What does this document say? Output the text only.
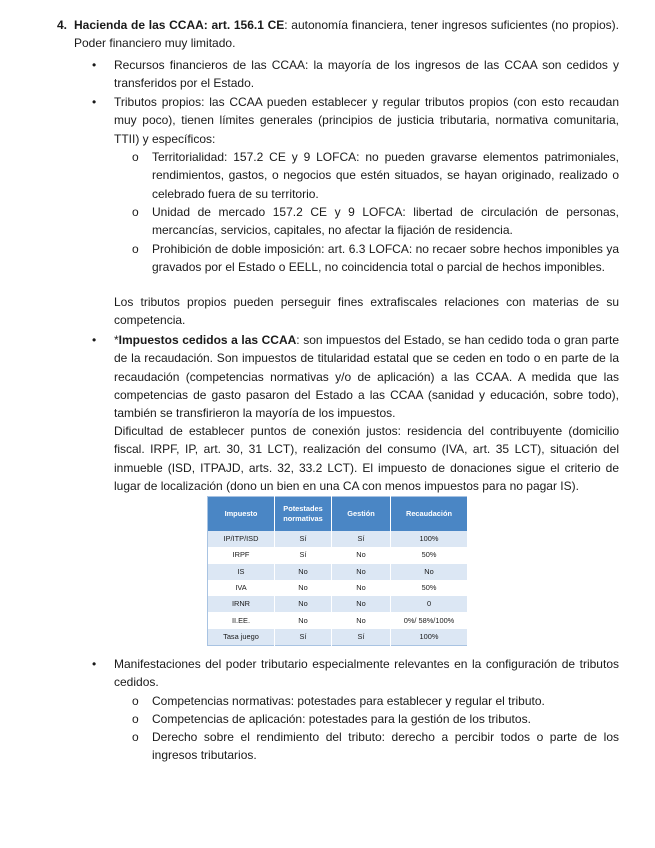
4. Hacienda de las CCAA: art. 156.1 CE: autonomía financiera, tener ingresos suficientes (no propios). Poder financiero muy limitado.

• Recursos financieros de las CCAA: la mayoría de los ingresos de las CCAA son cedidos y transferidos por el Estado.

• Tributos propios: las CCAA pueden establecer y regular tributos propios (con esto recaudan muy poco), tienen límites generales (principios de justicia tributaria, normativa comunitaria, TTII) y específicos:

o Territorialidad: 157.2 CE y 9 LOFCA: no pueden gravarse elementos patrimoniales, rendimientos, gastos, o negocios que estén situados, se hayan originado, realizado o celebrado fuera de su territorio.

o Unidad de mercado 157.2 CE y 9 LOFCA: libertad de circulación de personas, mercancías, servicios, capitales, no afectar la fijación de residencia.

o Prohibición de doble imposición: art. 6.3 LOFCA: no recaer sobre hechos imponibles ya gravados por el Estado o EELL, no coincidencia total o parcial de hechos imponibles.

Los tributos propios pueden perseguir fines extrafiscales relaciones con materias de su competencia.

• *Impuestos cedidos a las CCAA: son impuestos del Estado, se han cedido toda o gran parte de la recaudación. Son impuestos de titularidad estatal que se ceden en todo o en parte de la recaudación (competencias normativas y/o de aplicación) a las CCAA. A medida que las competencias de gasto pasaron del Estado a las CCAA (sanidad y educación, sobre todo), también se transfirieron la mayoría de los impuestos.

Dificultad de establecer puntos de conexión justos: residencia del contribuyente (domicilio fiscal. IRPF, IP, art. 30, 31 LCT), realización del consumo (IVA, art. 35 LCT), situación del inmueble (ISD, ITPAJD, arts. 32, 33.2 LCT). El impuesto de donaciones sigue el criterio de lugar de localización (dono un bien en una CA con menos impuestos para no pagar IS).

Impuesto	Potestades normativas	Gestión	Recaudación
IP/ITP/ISD	Sí	Sí	100%
IRPF	Sí	No	50%
IS	No	No	No
IVA	No	No	50%
IRNR	No	No	0
II.EE.	No	No	0%/ 58%/100%
Tasa juego	Sí	Sí	100%
• Manifestaciones del poder tributario especialmente relevantes en la configuración de tributos cedidos.

o Competencias normativas: potestades para establecer y regular el tributo.

o Competencias de aplicación: potestades para la gestión de los tributos.

o Derecho sobre el rendimiento del tributo: derecho a percibir todos o parte de los ingresos tributarios.
